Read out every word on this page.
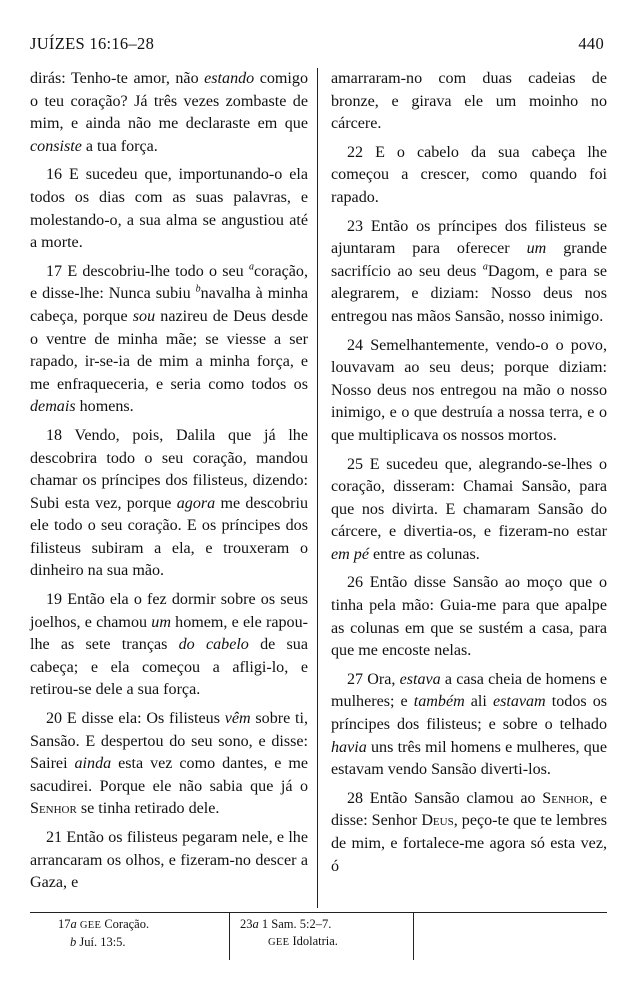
JUÍZES 16:16–28	440

dirás: Tenho-te amor, não estando comigo o teu coração? Já três vezes zombaste de mim, e ainda não me declaraste em que consiste a tua força.

16 E sucedeu que, importunando-o ela todos os dias com as suas palavras, e molestando-o, a sua alma se angustiou até a morte.

17 E descobriu-lhe todo o seu $^a$coração, e disse-lhe: Nunca subiu $^b$navalha à minha cabeça, porque sou nazireu de Deus desde o ventre de minha mãe; se viesse a ser rapado, ir-se-ia de mim a minha força, e me enfraqueceria, e seria como todos os demais homens.

18 Vendo, pois, Dalila que já lhe descobrira todo o seu coração, mandou chamar os príncipes dos filisteus, dizendo: Subi esta vez, porque agora me descobriu ele todo o seu coração. E os príncipes dos filisteus subiram a ela, e trouxeram o dinheiro na sua mão.

19 Então ela o fez dormir sobre os seus joelhos, e chamou um homem, e ele rapou-lhe as sete tranças do cabelo de sua cabeça; e ela começou a afligi-lo, e retirou-se dele a sua força.

20 E disse ela: Os filisteus vêm sobre ti, Sansão. E despertou do seu sono, e disse: Sairei ainda esta vez como dantes, e me sacudirei. Porque ele não sabia que já o Senhor se tinha retirado dele.

21 Então os filisteus pegaram nele, e lhe arrancaram os olhos, e fizeram-no descer a Gaza, e

amarraram-no com duas cadeias de bronze, e girava ele um moinho no cárcere.

22 E o cabelo da sua cabeça lhe começou a crescer, como quando foi rapado.

23 Então os príncipes dos filisteus se ajuntaram para oferecer um grande sacrifício ao seu deus $^a$Dagom, e para se alegrarem, e diziam: Nosso deus nos entregou nas mãos Sansão, nosso inimigo.

24 Semelhantemente, vendo-o o povo, louvavam ao seu deus; porque diziam: Nosso deus nos entregou na mão o nosso inimigo, e o que destruía a nossa terra, e o que multiplicava os nossos mortos.

25 E sucedeu que, alegrando-se-lhes o coração, disseram: Chamai Sansão, para que nos divirta. E chamaram Sansão do cárcere, e divertia-os, e fizeram-no estar em pé entre as colunas.

26 Então disse Sansão ao moço que o tinha pela mão: Guia-me para que apalpe as colunas em que se sustém a casa, para que me encoste nelas.

27 Ora, estava a casa cheia de homens e mulheres; e também ali estavam todos os príncipes dos filisteus; e sobre o telhado havia uns três mil homens e mulheres, que estavam vendo Sansão diverti-los.

28 Então Sansão clamou ao Senhor, e disse: Senhor Deus, peço-te que te lembres de mim, e fortalece-me agora só esta vez, ó

17a GEE Coração.
b Juí. 13:5.
23a 1 Sam. 5:2–7.
GEE Idolatria.
